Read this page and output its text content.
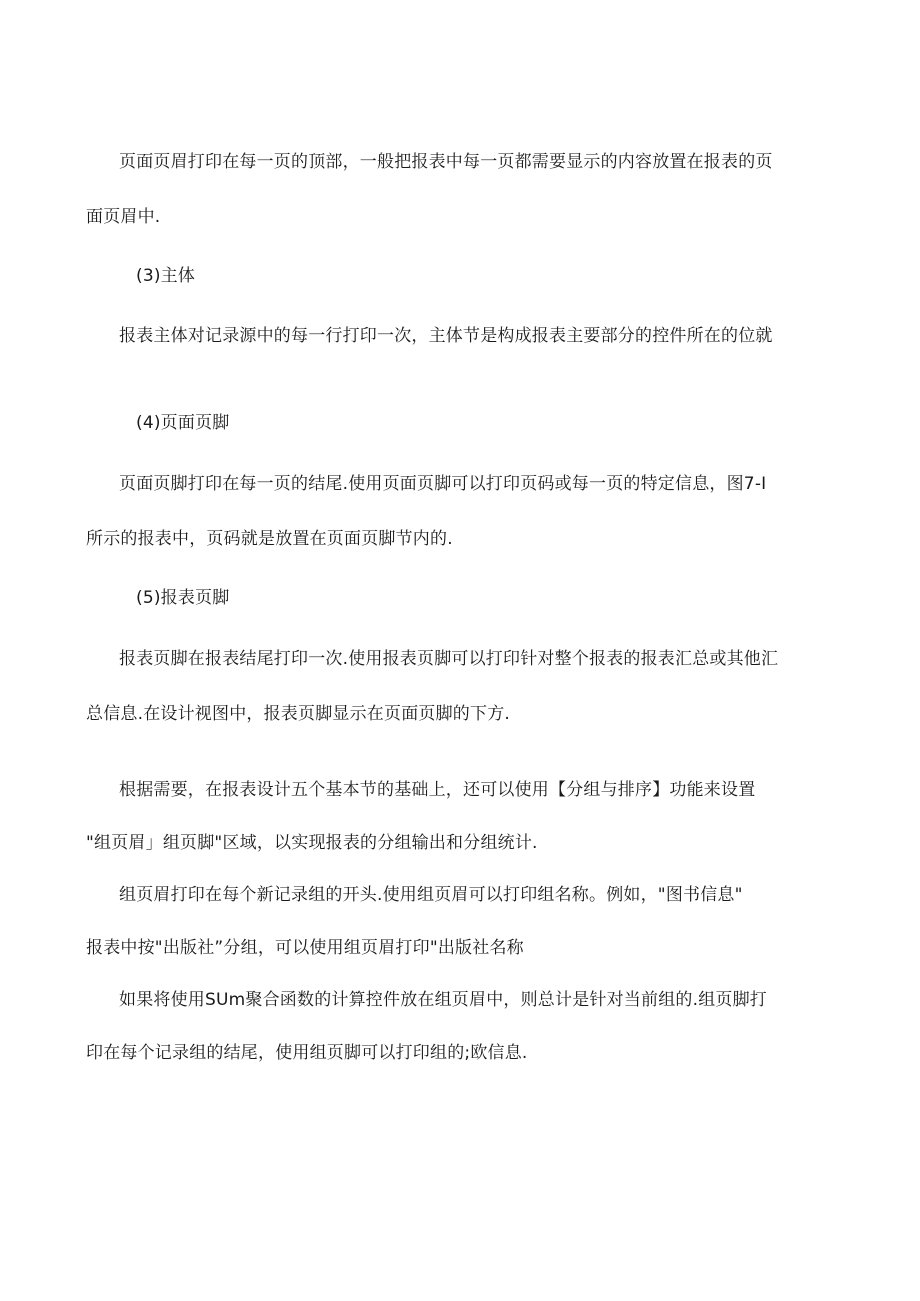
页面页眉打印在每一页的顶部，一般把报表中每一页都需要显示的内容放置在报表的页
面页眉中.
(3)主体
报表主体对记录源中的每一行打印一次，主体节是构成报表主要部分的控件所在的位就
(4)页面页脚
页面页脚打印在每一页的结尾.使用页面页脚可以打印页码或每一页的特定信息，图7-I
所示的报表中，页码就是放置在页面页脚节内的.
(5)报表页脚
报表页脚在报表结尾打印一次.使用报表页脚可以打印针对整个报表的报表汇总或其他汇
总信息.在设计视图中，报表页脚显示在页面页脚的下方.
根据需要，在报表设计五个基本节的基础上，还可以使用【分组与排序】功能来设置
"组页眉」组页脚"区域，以实现报表的分组输出和分组统计.
组页眉打印在每个新记录组的开头.使用组页眉可以打印组名称。例如，"图书信息"
报表中按"出版社”分组，可以使用组页眉打印"出版社名称
如果将使用SUm聚合函数的计算控件放在组页眉中，则总计是针对当前组的.组页脚打
印在每个记录组的结尾，使用组页脚可以打印组的;欧信息.
